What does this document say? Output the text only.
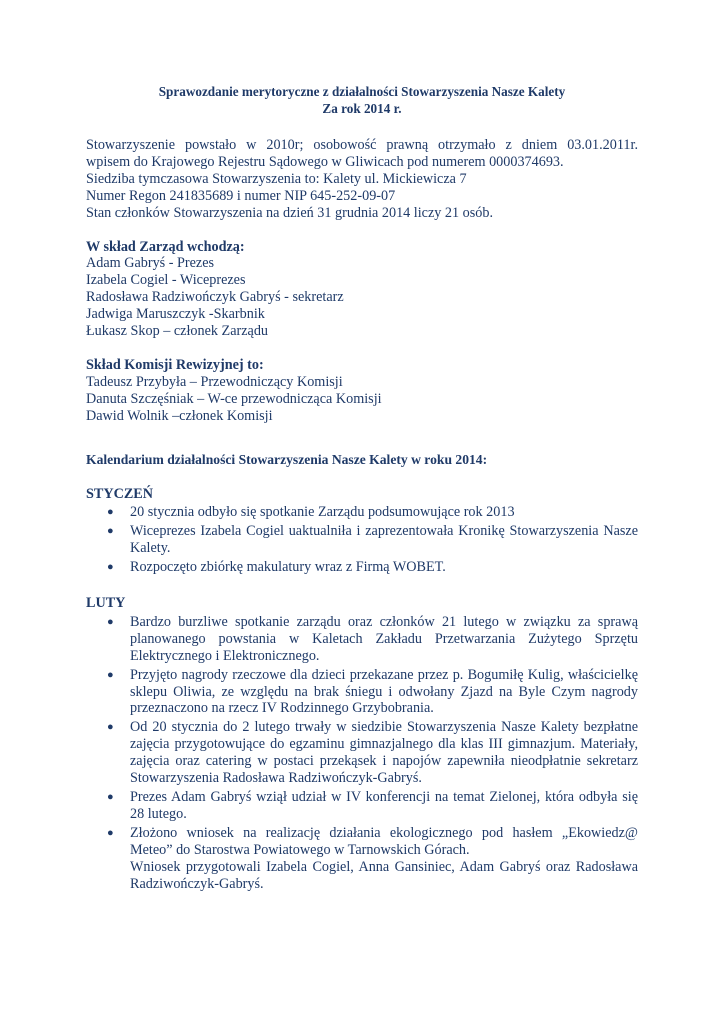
Sprawozdanie merytoryczne z działalności Stowarzyszenia Nasze Kalety

Za rok 2014 r.

Stowarzyszenie powstało w 2010r; osobowość prawną otrzymało z dniem 03.01.2011r.

wpisem do Krajowego Rejestru Sądowego w Gliwicach pod numerem 0000374693.

Siedziba tymczasowa Stowarzyszenia to: Kalety ul. Mickiewicza 7

Numer Regon 241835689 i numer NIP 645-252-09-07

Stan członków Stowarzyszenia na dzień 31 grudnia 2014 liczy 21 osób.

W skład Zarząd wchodzą:

Adam Gabryś - Prezes

Izabela Cogiel - Wiceprezes

Radosława Radziwończyk Gabryś - sekretarz

Jadwiga Maruszczyk -Skarbnik

Łukasz Skop – członek Zarządu

Skład Komisji Rewizyjnej to:

Tadeusz Przybyła – Przewodniczący Komisji

Danuta Szczęśniak – W-ce przewodnicząca Komisji

Dawid Wolnik –członek Komisji

Kalendarium działalności Stowarzyszenia Nasze Kalety w roku 2014:

STYCZEŃ

● 20 stycznia odbyło się spotkanie Zarządu podsumowujące rok 2013
● Wiceprezes Izabela Cogiel uaktualniła i zaprezentowała Kronikę Stowarzyszenia Nasze Kalety.
● Rozpoczęto zbiórkę makulatury wraz z Firmą WOBET.

LUTY

● Bardzo burzliwe spotkanie zarządu oraz członków 21 lutego w związku za sprawą planowanego powstania w Kaletach Zakładu Przetwarzania Zużytego Sprzętu Elektrycznego i Elektronicznego.
● Przyjęto nagrody rzeczowe dla dzieci przekazane przez p. Bogumiłę Kulig, właścicielkę sklepu Oliwia, ze względu na brak śniegu i odwołany Zjazd na Byle Czym nagrody przeznaczono na rzecz IV Rodzinnego Grzybobrania.
● Od 20 stycznia do 2 lutego trwały w siedzibie Stowarzyszenia Nasze Kalety bezpłatne zajęcia przygotowujące do egzaminu gimnazjalnego dla klas III gimnazjum. Materiały, zajęcia oraz catering w postaci przekąsek i napojów zapewniła nieodpłatnie sekretarz Stowarzyszenia Radosława Radziwończyk-Gabryś.
● Prezes Adam Gabryś wziął udział w IV konferencji na temat Zielonej, która odbyła się 28 lutego.
● Złożono wniosek na realizację działania ekologicznego pod hasłem „Ekowiedz@ Meteo” do Starostwa Powiatowego w Tarnowskich Górach.
Wniosek przygotowali Izabela Cogiel, Anna Gansiniec, Adam Gabryś oraz Radosława Radziwończyk-Gabryś.
